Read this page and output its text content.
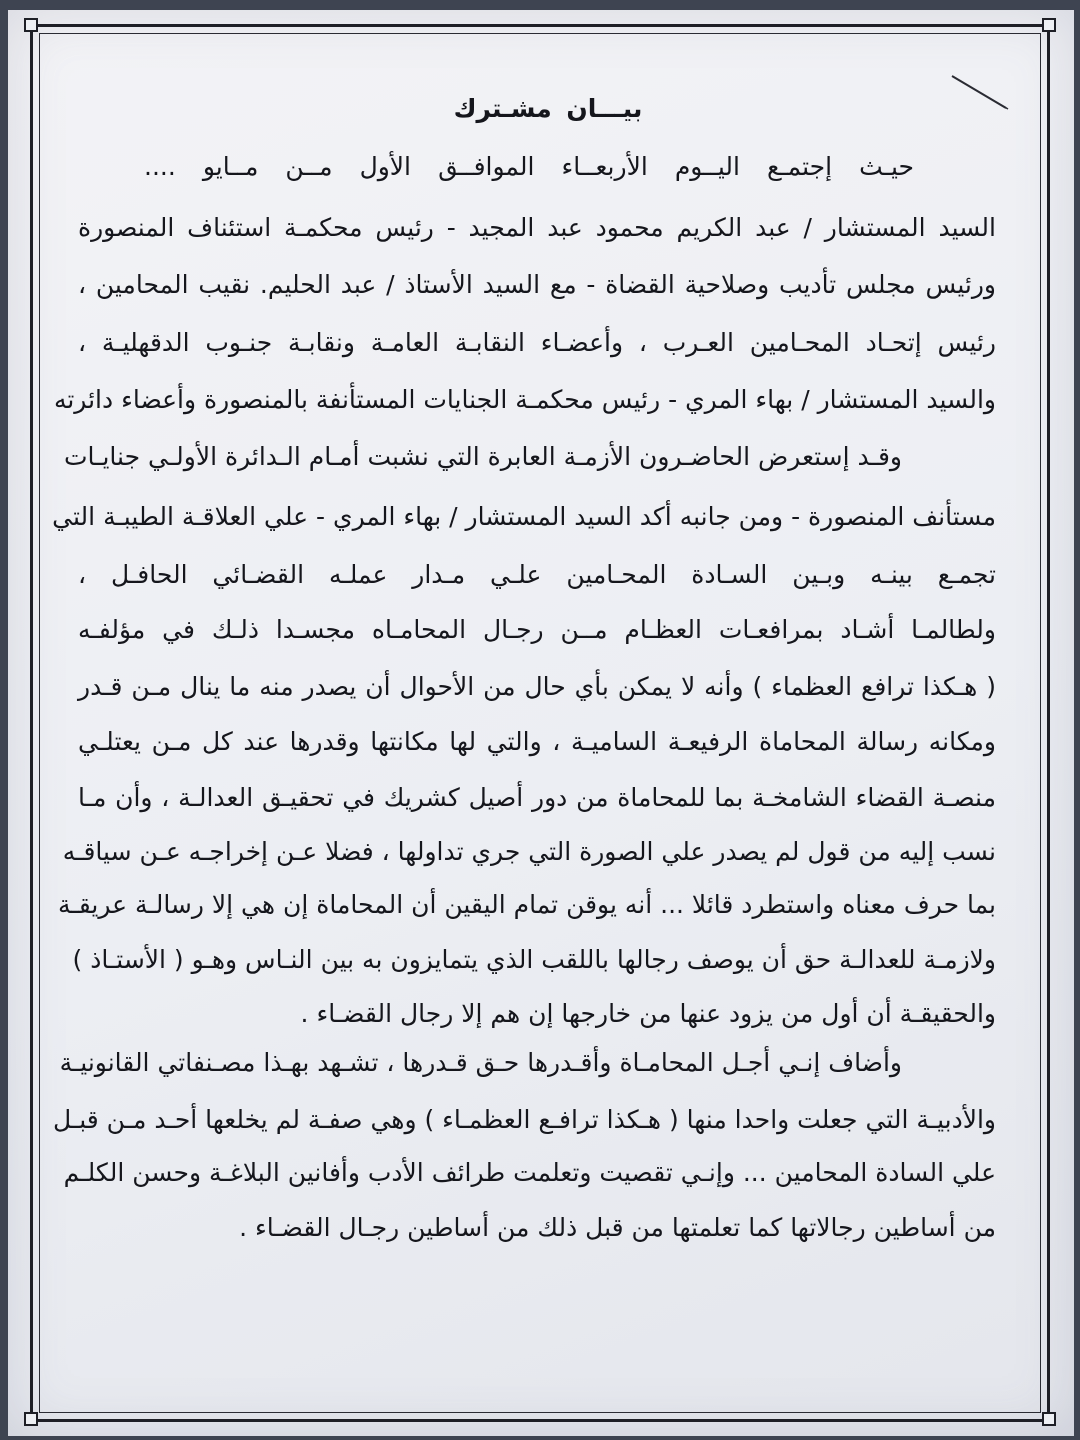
بيـــان مشـترك
حيـث إجتمـع اليــوم الأربعــاء الموافــق الأول مــن مــايو ....
السيد المستشار / عبد الكريم محمود عبد المجيد - رئيس محكمـة استئناف المنصورة
ورئيس مجلس تأديب وصلاحية القضاة - مع السيد الأستاذ / عبد الحليم. نقيب المحامين ،
رئيس إتحـاد المحـامين العـرب ، وأعضـاء النقابـة العامـة ونقابـة جنـوب الدقهليـة ،
والسيد المستشار / بهاء المري - رئيس محكمـة الجنايات المستأنفة بالمنصورة وأعضاء دائرته
وقـد إستعرض الحاضـرون الأزمـة العابرة التي نشبت أمـام الـدائرة الأولـي جنايـات
مستأنف المنصورة - ومن جانبه أكد السيد المستشار / بهاء المري - علي العلاقـة الطيبـة التي
تجمـع بينـه وبـين السـادة المحـامين علـي مـدار عملـه القضـائي الحافـل ،
ولطالمـا أشـاد بمرافعـات العظـام مــن رجـال المحامـاه مجسـدا ذلـك في مؤلفـه
( هـكذا ترافع العظماء ) وأنه لا يمكن بأي حال من الأحوال أن يصدر منه ما ينال مـن قـدر
ومكانه رسالة المحاماة الرفيعـة الساميـة ، والتي لها مكانتها وقدرها عند كل مـن يعتلـي
منصـة القضاء الشامخـة بما للمحاماة من دور أصيل كشريك في تحقيـق العدالـة ، وأن مـا
نسب إليه من قول لم يصدر علي الصورة التي جري تداولها ، فضلا عـن إخراجـه عـن سياقـه
بما حرف معناه واستطرد قائلا ... أنه يوقن تمام اليقين أن المحاماة إن هي إلا رسالـة عريقـة
ولازمـة للعدالـة حق أن يوصف رجالها باللقب الذي يتمايزون به بين النـاس وهـو ( الأستـاذ )
والحقيقـة أن أول من يزود عنها من خارجها إن هم إلا رجال القضـاء .
وأضاف إنـي أجـل المحامـاة وأقـدرها حـق قـدرها ، تشـهد بهـذا مصـنفاتي القانونيـة
والأدبيـة التي جعلت واحدا منها ( هـكذا ترافـع العظمـاء ) وهي صفـة لم يخلعها أحـد مـن قبـل
علي السادة المحامين ... وإنـي تقصيت وتعلمت طرائف الأدب وأفانين البلاغـة وحسن الكلـم
من أساطين رجالاتها كما تعلمتها من قبل ذلك من أساطين رجـال القضـاء .
